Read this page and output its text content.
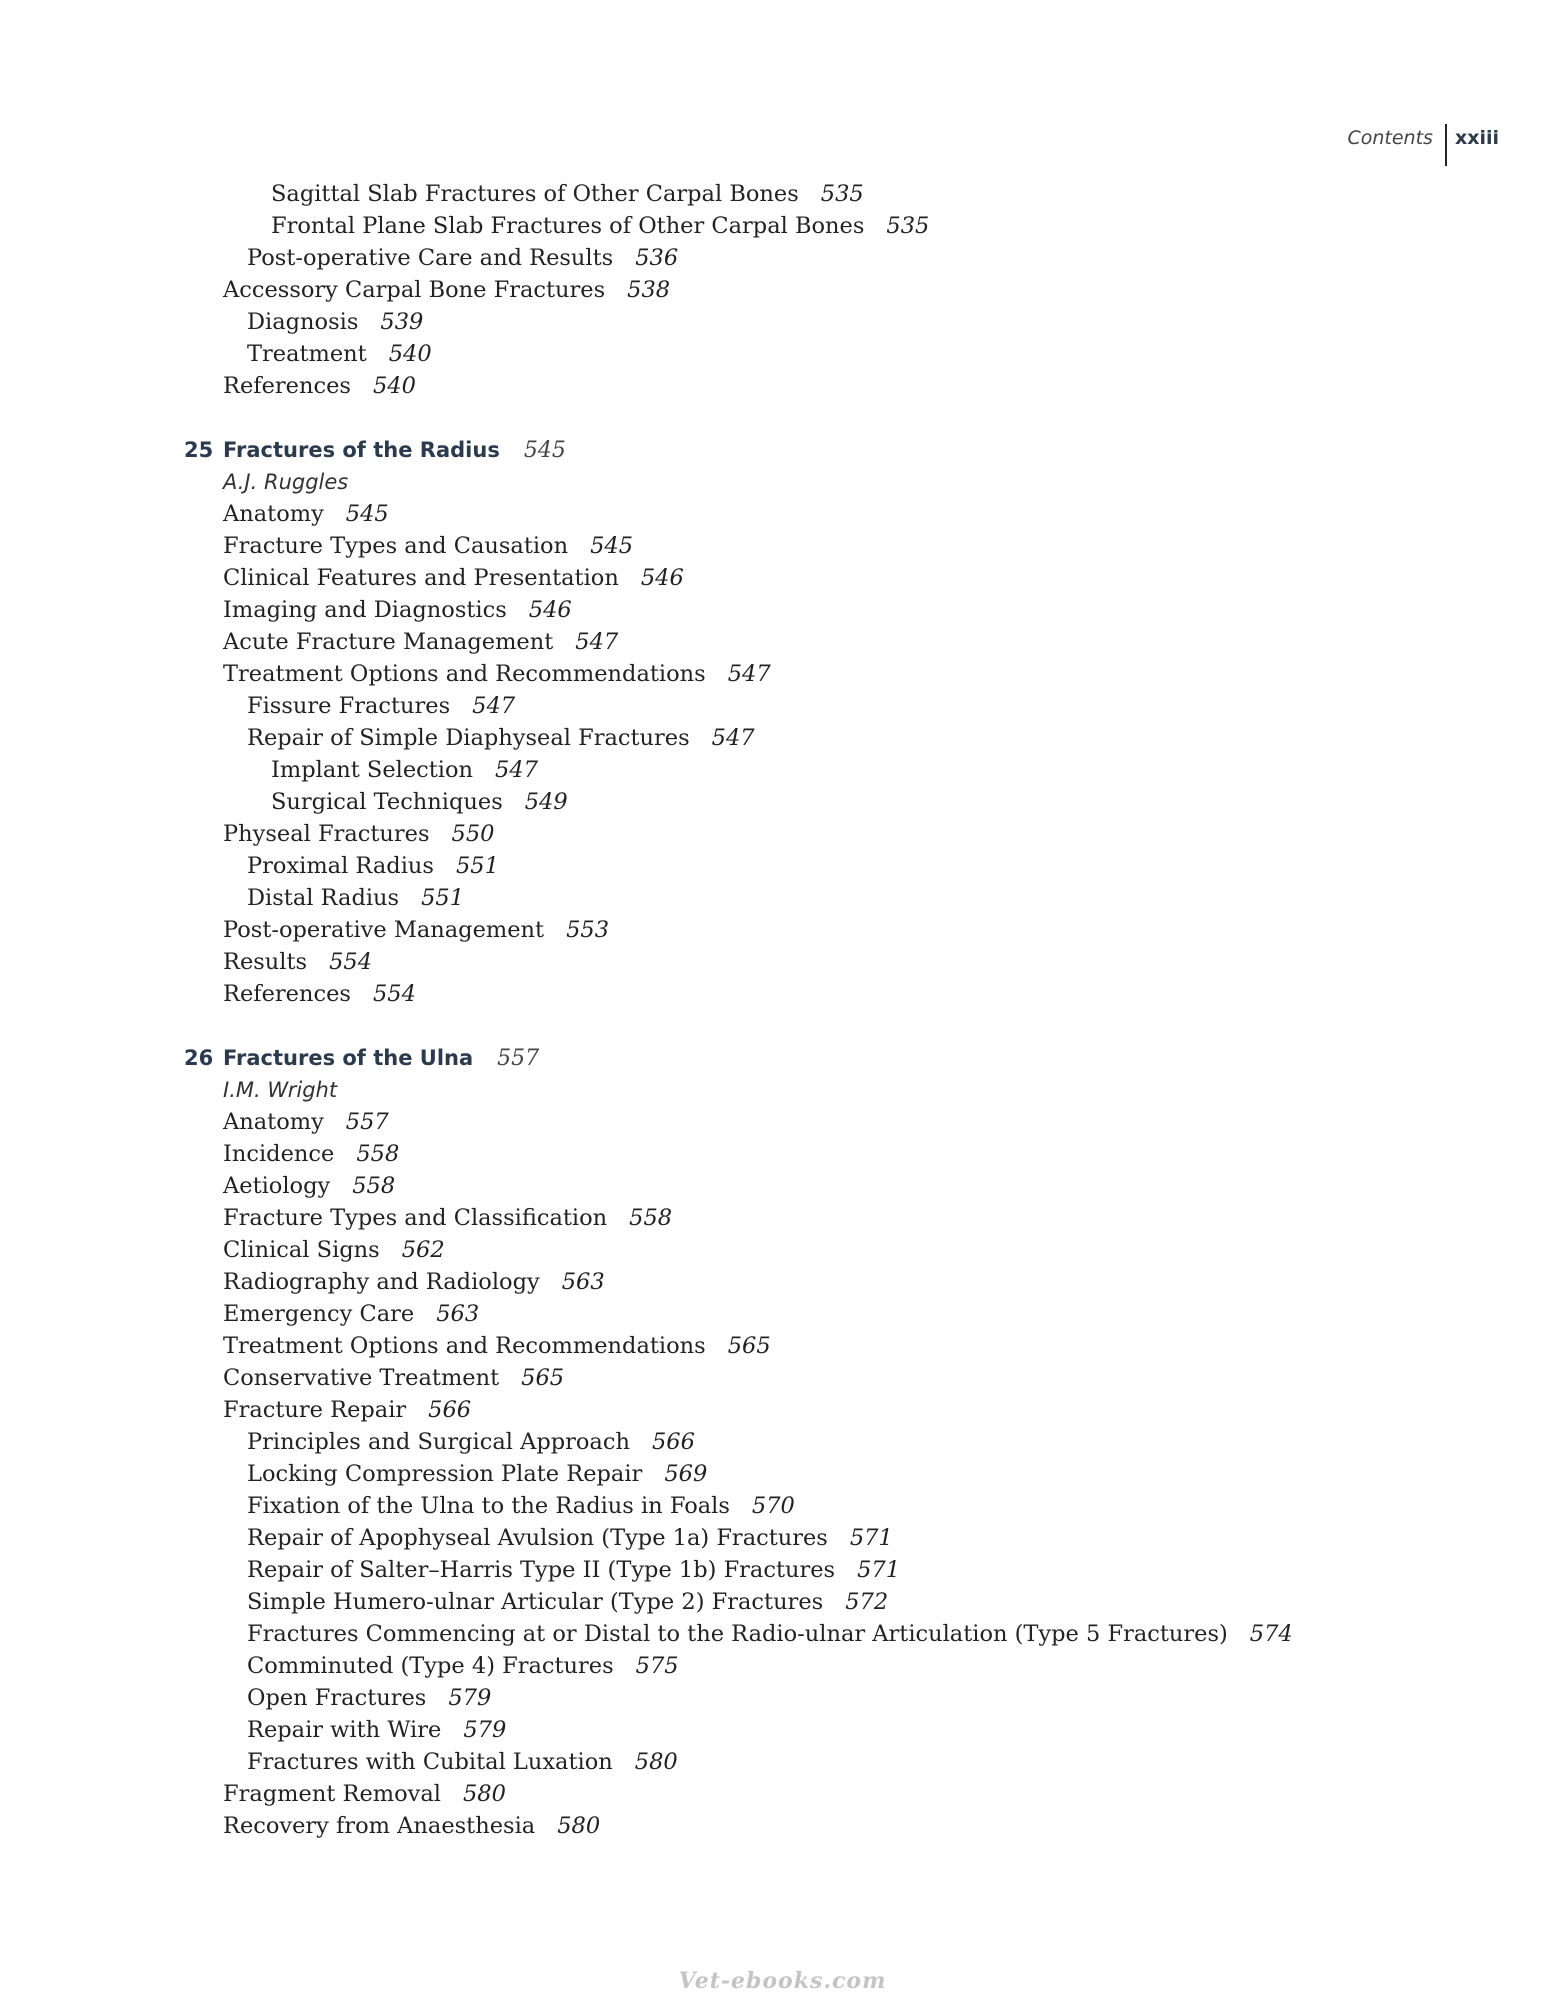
Contents	xxiii
Sagittal Slab Fractures of Other Carpal Bones 535
Frontal Plane Slab Fractures of Other Carpal Bones 535
Post-operative Care and Results 536
Accessory Carpal Bone Fractures 538
Diagnosis 539
Treatment 540
References 540
25 Fractures of the Radius 545
A.J. Ruggles
Anatomy 545
Fracture Types and Causation 545
Clinical Features and Presentation 546
Imaging and Diagnostics 546
Acute Fracture Management 547
Treatment Options and Recommendations 547
Fissure Fractures 547
Repair of Simple Diaphyseal Fractures 547
Implant Selection 547
Surgical Techniques 549
Physeal Fractures 550
Proximal Radius 551
Distal Radius 551
Post-operative Management 553
Results 554
References 554
26 Fractures of the Ulna 557
I.M. Wright
Anatomy 557
Incidence 558
Aetiology 558
Fracture Types and Classification 558
Clinical Signs 562
Radiography and Radiology 563
Emergency Care 563
Treatment Options and Recommendations 565
Conservative Treatment 565
Fracture Repair 566
Principles and Surgical Approach 566
Locking Compression Plate Repair 569
Fixation of the Ulna to the Radius in Foals 570
Repair of Apophyseal Avulsion (Type 1a) Fractures 571
Repair of Salter–Harris Type II (Type 1b) Fractures 571
Simple Humero-ulnar Articular (Type 2) Fractures 572
Fractures Commencing at or Distal to the Radio-ulnar Articulation (Type 5 Fractures) 574
Comminuted (Type 4) Fractures 575
Open Fractures 579
Repair with Wire 579
Fractures with Cubital Luxation 580
Fragment Removal 580
Recovery from Anaesthesia 580
Vet-ebooks.com
